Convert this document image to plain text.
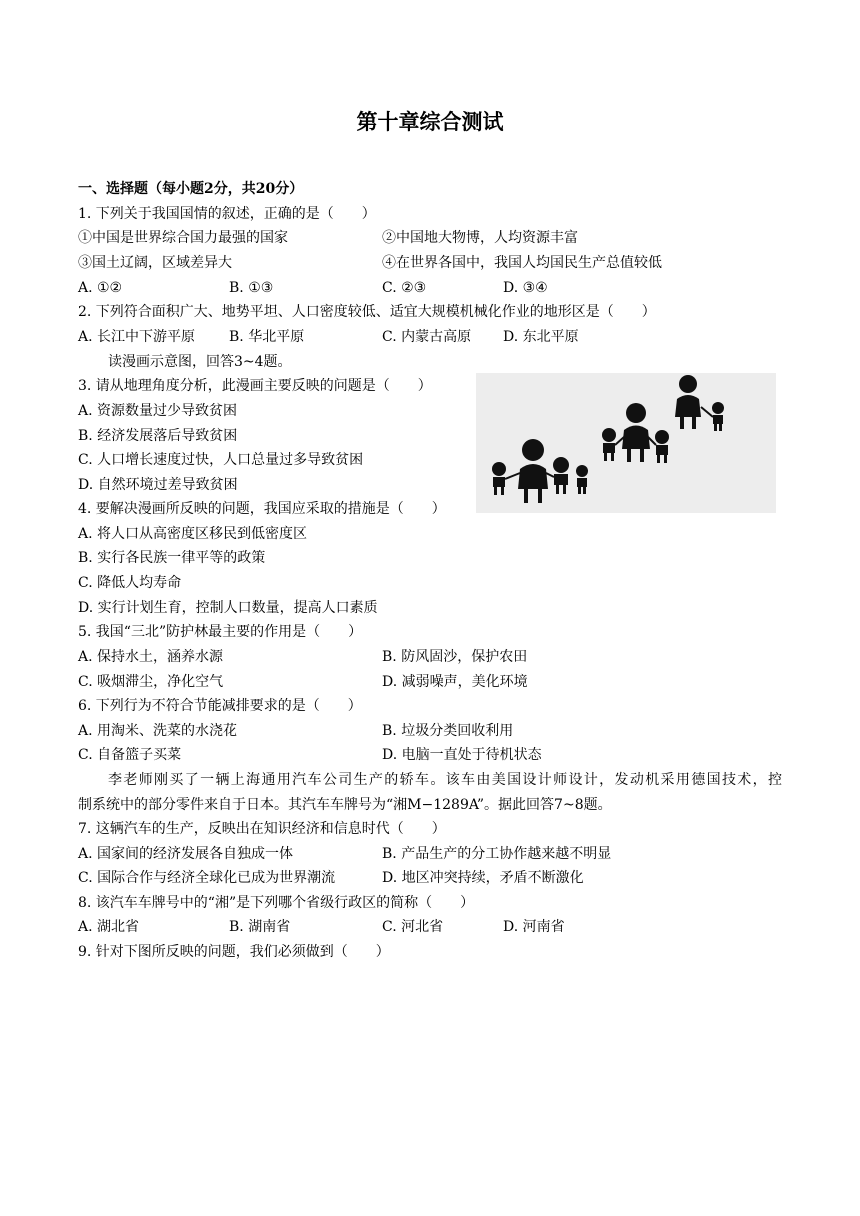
第十章综合测试
一、选择题（每小题2分，共20分）
1. 下列关于我国国情的叙述，正确的是（　　）
①中国是世界综合国力最强的国家	②中国地大物博，人均资源丰富
③国土辽阔，区域差异大	④在世界各国中，我国人均国民生产总值较低
A. ①②	B. ①③	C. ②③	D. ③④
2. 下列符合面积广大、地势平坦、人口密度较低、适宜大规模机械化作业的地形区是（　　）
A. 长江中下游平原 B. 华北平原	C. 内蒙古高原 D. 东北平原
读漫画示意图，回答3~4题。
3. 请从地理角度分析，此漫画主要反映的问题是（　　）
A. 资源数量过少导致贫困
B. 经济发展落后导致贫困
C. 人口增长速度过快，人口总量过多导致贫困
D. 自然环境过差导致贫困
4. 要解决漫画所反映的问题，我国应采取的措施是（　　）
A. 将人口从高密度区移民到低密度区
B. 实行各民族一律平等的政策
C. 降低人均寿命
D. 实行计划生育，控制人口数量，提高人口素质
5. 我国“三北”防护林最主要的作用是（　　）
A. 保持水土，涵养水源	B. 防风固沙，保护农田
C. 吸烟滞尘，净化空气	D. 减弱噪声，美化环境
6. 下列行为不符合节能减排要求的是（　　）
A. 用淘米、洗菜的水浇花	B. 垃圾分类回收利用
C. 自备篮子买菜	D. 电脑一直处于待机状态
李老师刚买了一辆上海通用汽车公司生产的轿车。该车由美国设计师设计，发动机采用德国技术，控
制系统中的部分零件来自于日本。其汽车车牌号为“湘M−1289A”。据此回答7~8题。
7. 这辆汽车的生产，反映出在知识经济和信息时代（　　）
A. 国家间的经济发展各自独成一体	B. 产品生产的分工协作越来越不明显
C. 国际合作与经济全球化已成为世界潮流	D. 地区冲突持续，矛盾不断激化
8. 该汽车车牌号中的“湘”是下列哪个省级行政区的简称（　　）
A. 湖北省	B. 湖南省	C. 河北省	D. 河南省
9. 针对下图所反映的问题，我们必须做到（　　）
